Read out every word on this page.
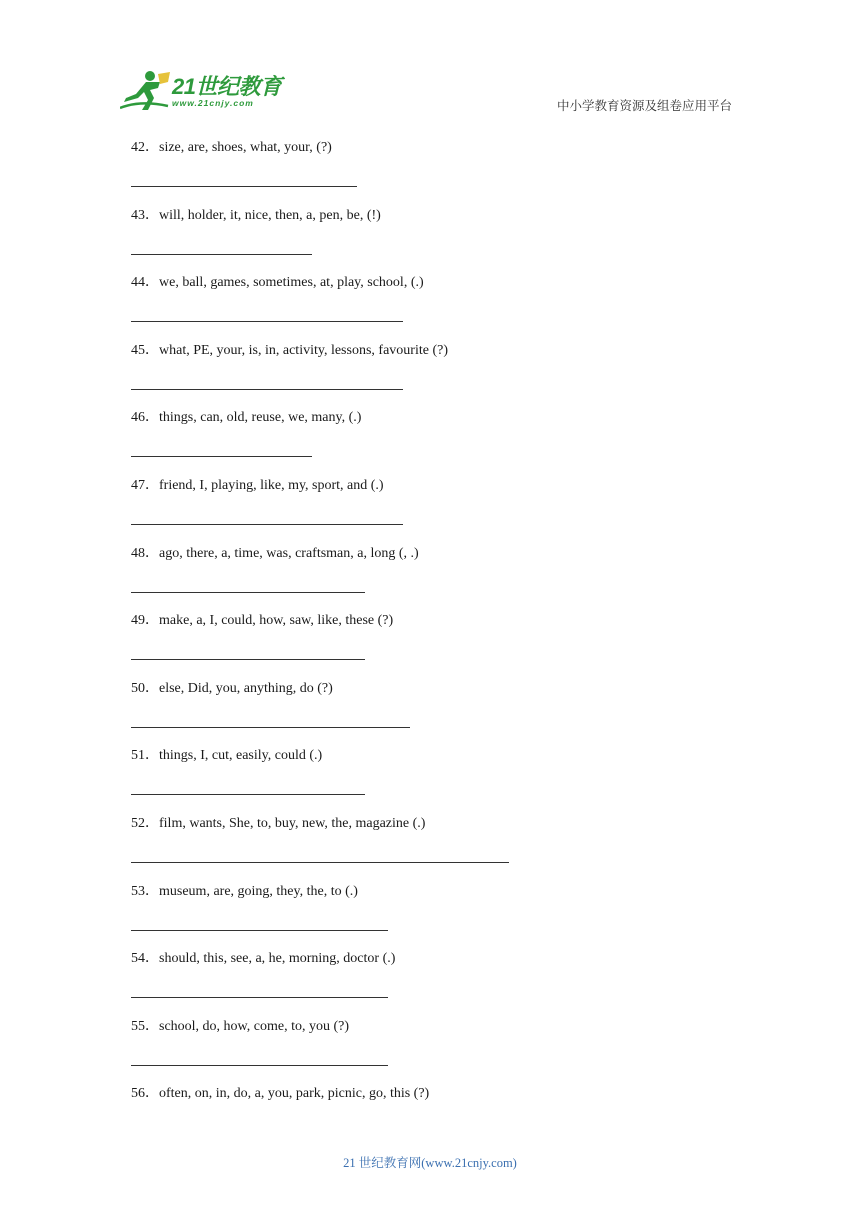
21世纪教育
www.21cnjy.com	中小学教育资源及组卷应用平台
42．size, are, shoes, what, your, (?)
43．will, holder, it, nice, then, a, pen, be, (!)
44．we, ball, games, sometimes, at, play, school, (.)
45．what, PE, your, is, in, activity, lessons, favourite (?)
46．things, can, old, reuse, we, many, (.)
47．friend, I, playing, like, my, sport, and (.)
48．ago, there, a, time, was, craftsman, a, long (, .)
49．make, a, I, could, how, saw, like, these (?)
50．else, Did, you, anything, do (?)
51．things, I, cut, easily, could (.)
52．film, wants, She, to, buy, new, the, magazine (.)
53．museum, are, going, they, the, to (.)
54．should, this, see, a, he, morning, doctor (.)
55．school, do, how, come, to, you (?)
56．often, on, in, do, a, you, park, picnic, go, this (?)
21 世纪教育网(www.21cnjy.com)
